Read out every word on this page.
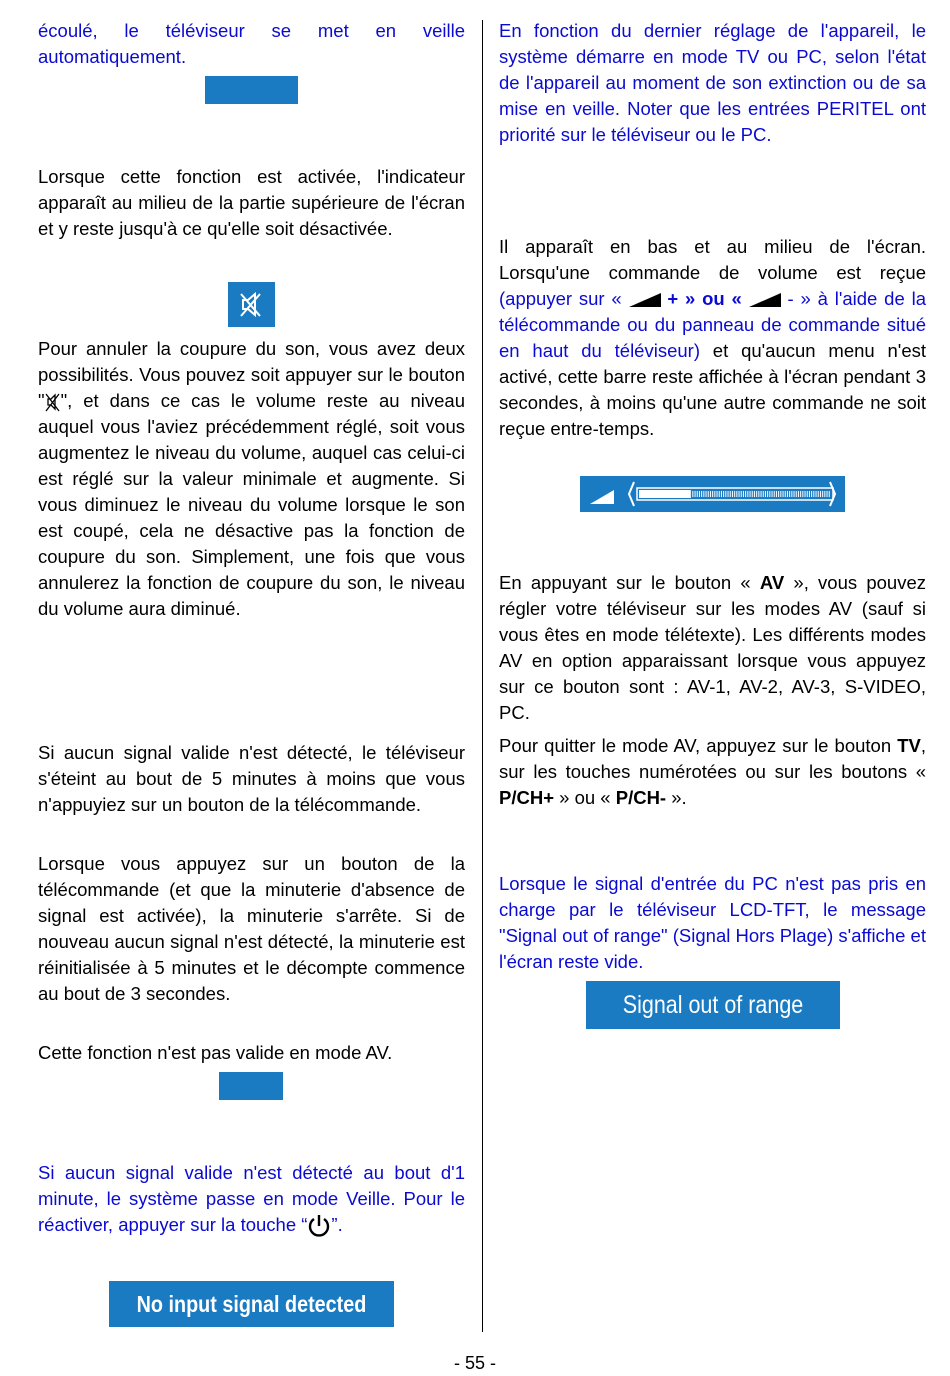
écoulé, le téléviseur se met en veille automatiquement.

Lorsque cette fonction est activée, l'indicateur apparaît au milieu de la partie supérieure de l'écran et y reste jusqu'à ce qu'elle soit désactivée.

Pour annuler la coupure du son, vous avez deux possibilités. Vous pouvez soit appuyer sur le bouton " ", et dans ce cas le volume reste au niveau auquel vous l'aviez précédemment réglé, soit vous augmentez le niveau du volume, auquel cas celui-ci est réglé sur la valeur minimale et augmente. Si vous diminuez le niveau du volume lorsque le son est coupé, cela ne désactive pas la fonction de coupure du son. Simplement, une fois que vous annulerez la fonction de coupure du son, le niveau du volume aura diminué.

Si aucun signal valide n'est détecté, le téléviseur s'éteint au bout de 5 minutes à moins que vous n'appuyiez sur un bouton de la télécommande.

Lorsque vous appuyez sur un bouton de la télécommande (et que la minuterie d'absence de signal est activée), la minuterie s'arrête. Si de nouveau aucun signal n'est détecté, la minuterie est réinitialisée à 5 minutes et le décompte commence au bout de 3 secondes.

Cette fonction n'est pas valide en mode AV.

Si aucun signal valide n'est détecté au bout d'1 minute, le système passe en mode Veille. Pour le réactiver, appuyer sur la touche “ ”.

No input signal detected

En fonction du dernier réglage de l'appareil, le système démarre en mode TV ou PC, selon l'état de l'appareil au moment de son extinction ou de sa mise en veille. Noter que les entrées PERITEL ont priorité sur le téléviseur ou le PC.

Il apparaît en bas et au milieu de l'écran. Lorsqu'une commande de volume est reçue (appuyer sur «  + » ou «  - » à l'aide de la télécommande ou du panneau de commande situé en haut du téléviseur) et qu'aucun menu n'est activé, cette barre reste affichée à l'écran pendant 3 secondes, à moins qu'une autre commande ne soit reçue entre-temps.

En appuyant sur le bouton « AV », vous pouvez régler votre téléviseur sur les modes AV (sauf si vous êtes en mode télétexte). Les différents modes AV en option apparaissant lorsque vous appuyez sur ce bouton sont : AV-1, AV-2, AV-3, S-VIDEO, PC.

Pour quitter le mode AV, appuyez sur le bouton TV, sur les touches numérotées ou sur les boutons « P/CH+ » ou « P/CH- ».

Lorsque le signal d'entrée du PC n'est pas pris en charge par le téléviseur LCD-TFT, le message "Signal out of range" (Signal Hors Plage) s'affiche et l'écran reste vide.

Signal out of range
- 55 -
